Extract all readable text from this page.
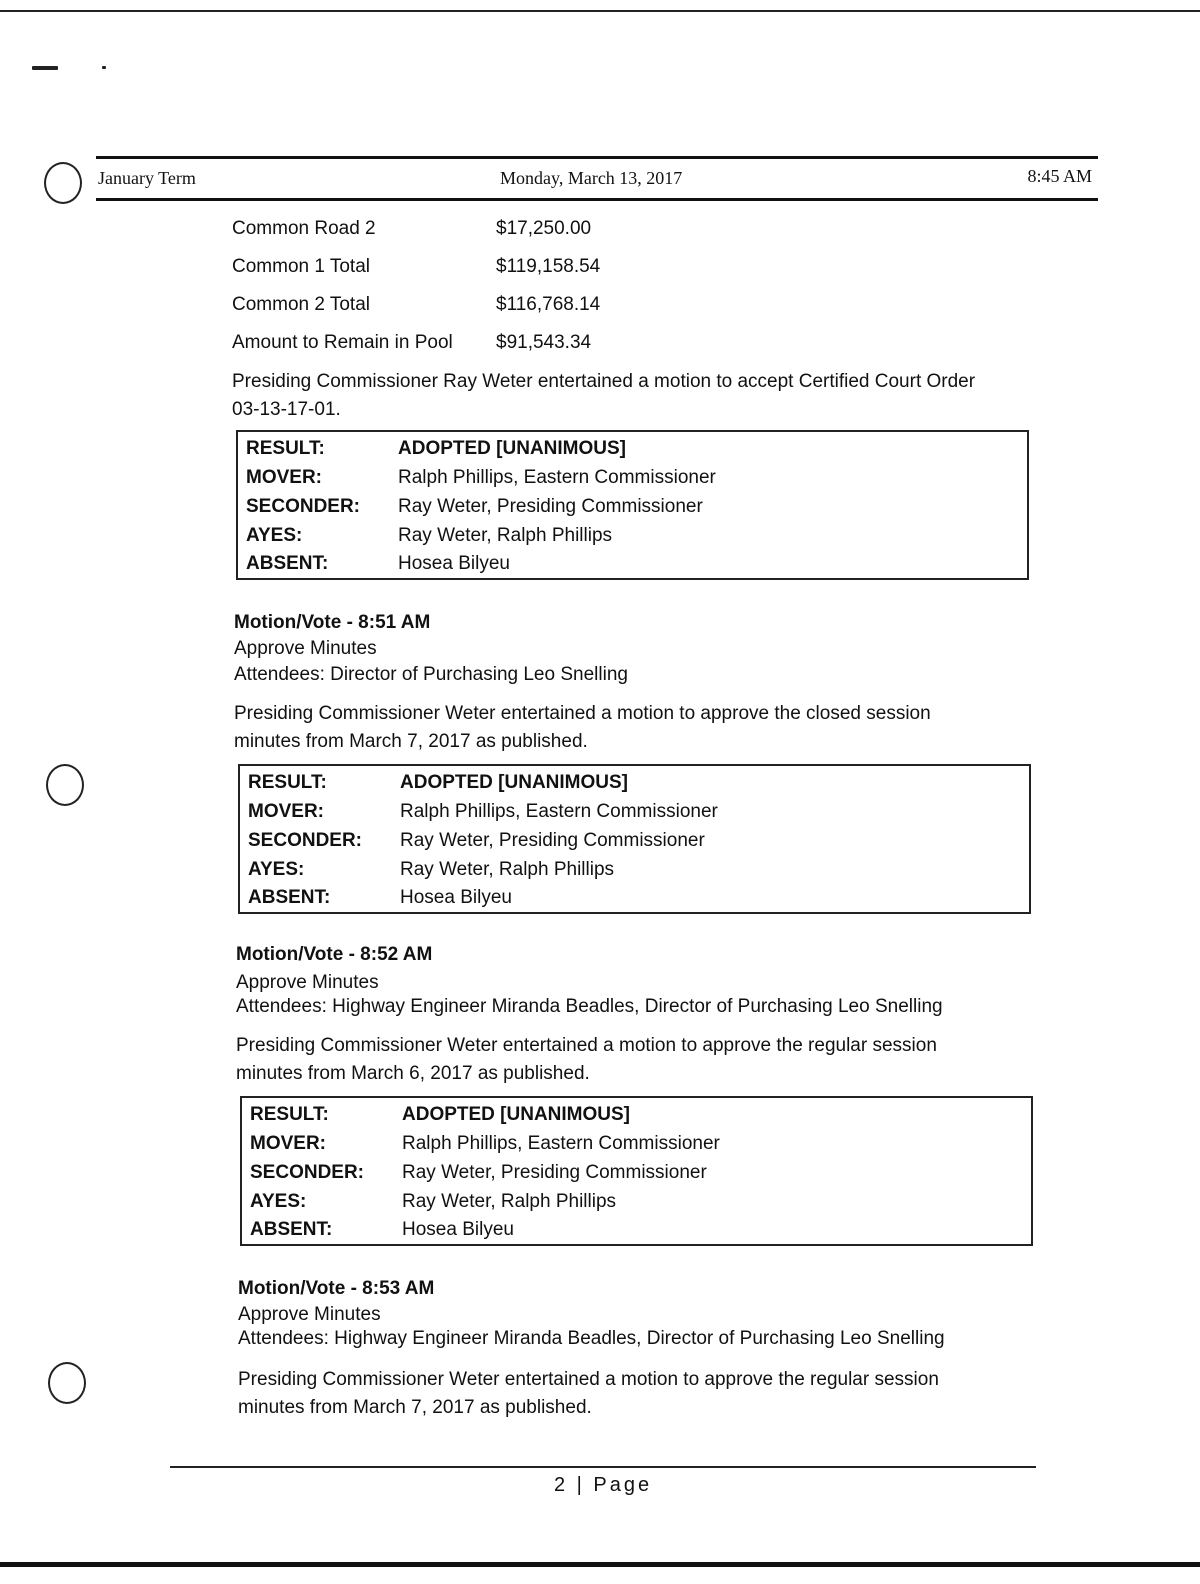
January Term	Monday, March 13, 2017	8:45 AM
Common Road 2	$17,250.00
Common 1 Total	$119,158.54
Common 2 Total	$116,768.14
Amount to Remain in Pool $91,543.34
Presiding Commissioner Ray Weter entertained a motion to accept Certified Court Order
03-13-17-01.
RESULT:	ADOPTED [UNANIMOUS]
MOVER:	Ralph Phillips, Eastern Commissioner
SECONDER: Ray Weter, Presiding Commissioner
AYES:	Ray Weter, Ralph Phillips
ABSENT:	Hosea Bilyeu
Motion/Vote - 8:51 AM
Approve Minutes
Attendees: Director of Purchasing Leo Snelling
Presiding Commissioner Weter entertained a motion to approve the closed session
minutes from March 7, 2017 as published.
RESULT:	ADOPTED [UNANIMOUS]
MOVER:	Ralph Phillips, Eastern Commissioner
SECONDER: Ray Weter, Presiding Commissioner
AYES:	Ray Weter, Ralph Phillips
ABSENT:	Hosea Bilyeu
Motion/Vote - 8:52 AM
Approve Minutes
Attendees: Highway Engineer Miranda Beadles, Director of Purchasing Leo Snelling
Presiding Commissioner Weter entertained a motion to approve the regular session
minutes from March 6, 2017 as published.
RESULT:	ADOPTED [UNANIMOUS]
MOVER:	Ralph Phillips, Eastern Commissioner
SECONDER: Ray Weter, Presiding Commissioner
AYES:	Ray Weter, Ralph Phillips
ABSENT:	Hosea Bilyeu
Motion/Vote - 8:53 AM
Approve Minutes
Attendees: Highway Engineer Miranda Beadles, Director of Purchasing Leo Snelling
Presiding Commissioner Weter entertained a motion to approve the regular session
minutes from March 7, 2017 as published.
2 | Page
